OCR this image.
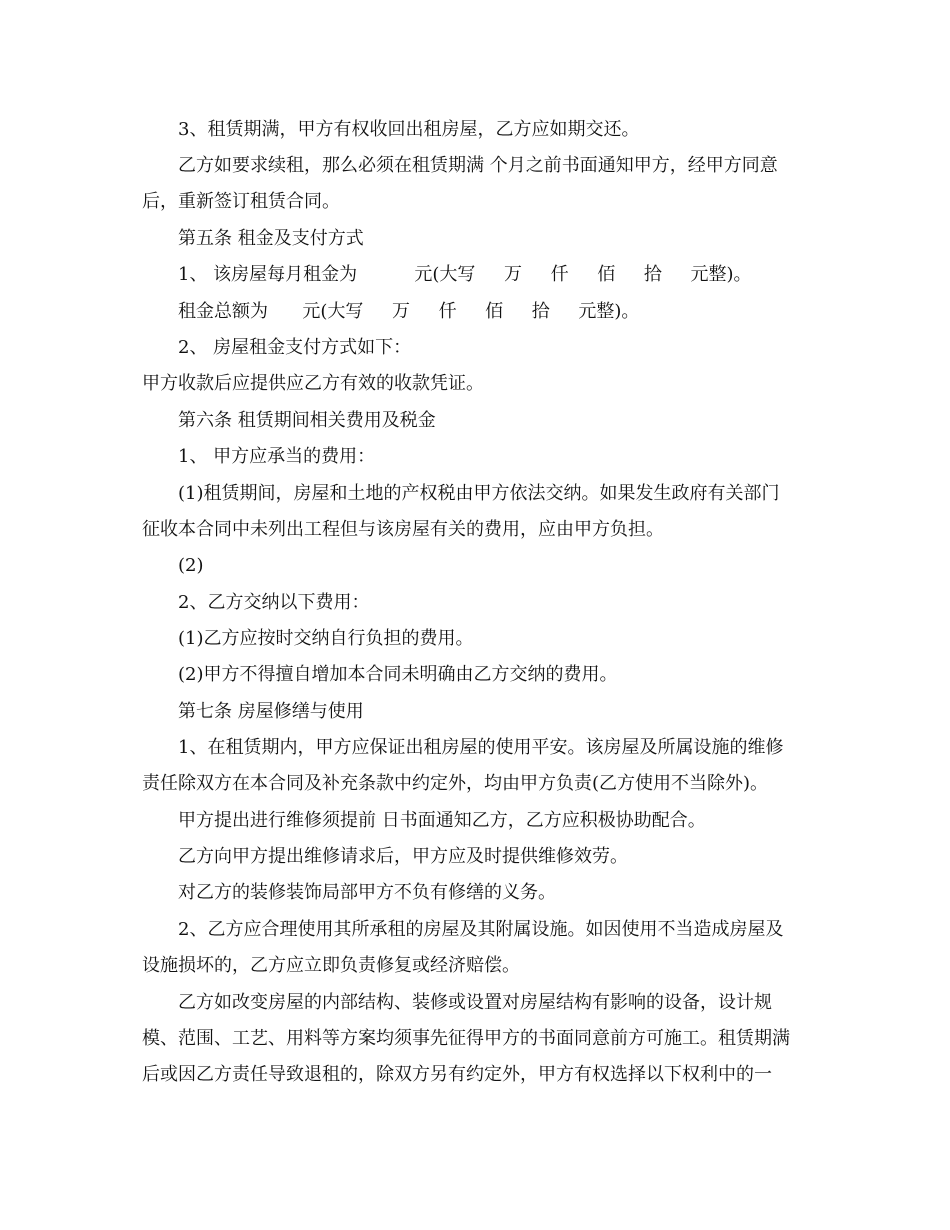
3、租赁期满，甲方有权收回出租房屋，乙方应如期交还。
乙方如要求续租，那么必须在租赁期满 个月之前书面通知甲方，经甲方同意
后，重新签订租赁合同。
第五条 租金及支付方式
1、 该房屋每月租金为          元(大写     万     仟     佰     拾     元整)。
租金总额为      元(大写     万     仟     佰     拾     元整)。
2、 房屋租金支付方式如下：
甲方收款后应提供应乙方有效的收款凭证。
第六条 租赁期间相关费用及税金
1、 甲方应承当的费用：
(1)租赁期间，房屋和土地的产权税由甲方依法交纳。如果发生政府有关部门
征收本合同中未列出工程但与该房屋有关的费用，应由甲方负担。
(2)
2、乙方交纳以下费用：
(1)乙方应按时交纳自行负担的费用。
(2)甲方不得擅自增加本合同未明确由乙方交纳的费用。
第七条 房屋修缮与使用
1、在租赁期内，甲方应保证出租房屋的使用平安。该房屋及所属设施的维修
责任除双方在本合同及补充条款中约定外，均由甲方负责(乙方使用不当除外)。
甲方提出进行维修须提前 日书面通知乙方，乙方应积极协助配合。
乙方向甲方提出维修请求后，甲方应及时提供维修效劳。
对乙方的装修装饰局部甲方不负有修缮的义务。
2、乙方应合理使用其所承租的房屋及其附属设施。如因使用不当造成房屋及
设施损坏的，乙方应立即负责修复或经济赔偿。
乙方如改变房屋的内部结构、装修或设置对房屋结构有影响的设备，设计规
模、范围、工艺、用料等方案均须事先征得甲方的书面同意前方可施工。租赁期满
后或因乙方责任导致退租的，除双方另有约定外，甲方有权选择以下权利中的一
